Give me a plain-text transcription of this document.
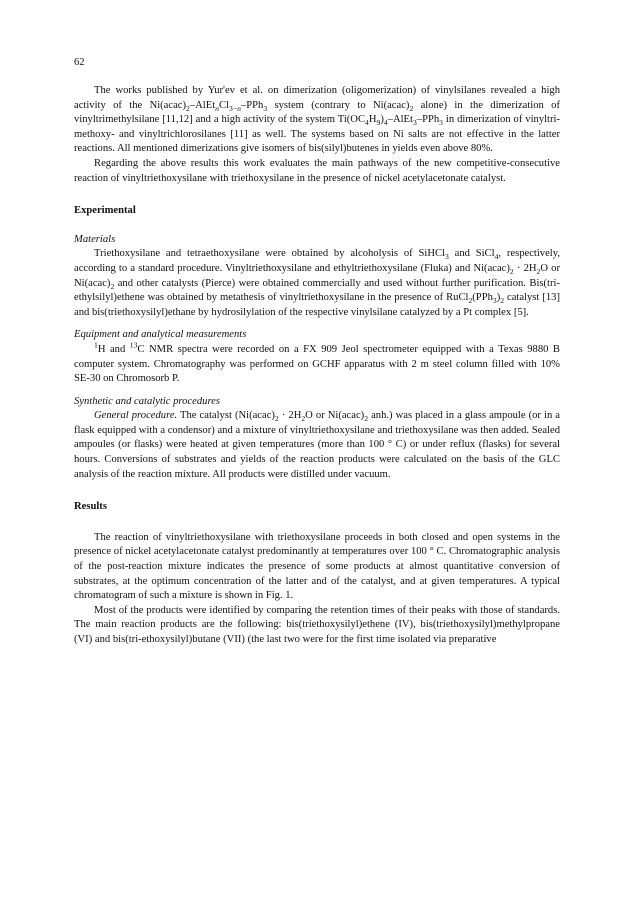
62

The works published by Yur'ev et al. on dimerization (oligomerization) of vinylsilanes revealed a high activity of the $Ni(acac)_2-AlEt_nCl_{3-n}-PPh_3$ system (contrary to $Ni(acac)_2$ alone) in the dimerization of vinyltrimethylsilane [11,12] and a high activity of the system $Ti(OC_4H_9)_4-AlEt_3-PPh_3$ in dimerization of vinyltri-methoxy- and vinyltrichlorosilanes [11] as well. The systems based on Ni salts are not effective in the latter reactions. All mentioned dimerizations give isomers of bis(silyl)butenes in yields even above 80%.

Regarding the above results this work evaluates the main pathways of the new competitive-consecutive reaction of vinyltriethoxysilane with triethoxysilane in the presence of nickel acetylacetonate catalyst.

Experimental

Materials

Triethoxysilane and tetraethoxysilane were obtained by alcoholysis of SiHCl$_3$ and SiCl$_4$, respectively, according to a standard procedure. Vinyltriethoxysilane and ethyltriethoxysilane (Fluka) and $Ni(acac)_2 \cdot 2H_2O$ or $Ni(acac)_2$ and other catalysts (Pierce) were obtained commercially and used without further purification. Bis(tri-ethylsilyl)ethene was obtained by metathesis of vinyltriethoxysilane in the presence of $RuCl_2(PPh_3)_2$ catalyst [13] and bis(triethoxysilyl)ethane by hydrosilylation of the respective vinylsilane catalyzed by a Pt complex [5].

Equipment and analytical measurements

$^1$H and $^{13}$C NMR spectra were recorded on a FX 909 Jeol spectrometer equipped with a Texas 9880 B computer system. Chromatography was performed on GCHF apparatus with 2 m steel column filled with 10% SE-30 on Chromosorb P.

Synthetic and catalytic procedures

General procedure. The catalyst ($Ni(acac)_2 \cdot 2H_2O$ or $Ni(acac)_2$ anh.) was placed in a glass ampoule (or in a flask equipped with a condensor) and a mixture of vinyltriethoxysilane and triethoxysilane was then added. Sealed ampoules (or flasks) were heated at given temperatures (more than 100 ° C) or under reflux (flasks) for several hours. Conversions of substrates and yields of the reaction products were calculated on the basis of the GLC analysis of the reaction mixture. All products were distilled under vacuum.

Results

The reaction of vinyltriethoxysilane with triethoxysilane proceeds in both closed and open systems in the presence of nickel acetylacetonate catalyst predominantly at temperatures over 100 ° C. Chromatographic analysis of the post-reaction mixture indicates the presence of some products at almost quantitative conversion of substrates, at the optimum concentration of the latter and of the catalyst, and at given temperatures. A typical chromatogram of such a mixture is shown in Fig. 1.

Most of the products were identified by comparing the retention times of their peaks with those of standards. The main reaction products are the following: bis(triethoxysilyl)ethene (IV), bis(triethoxysilyl)methylpropane (VI) and bis(tri-ethoxysilyl)butane (VII) (the last two were for the first time isolated via preparative
